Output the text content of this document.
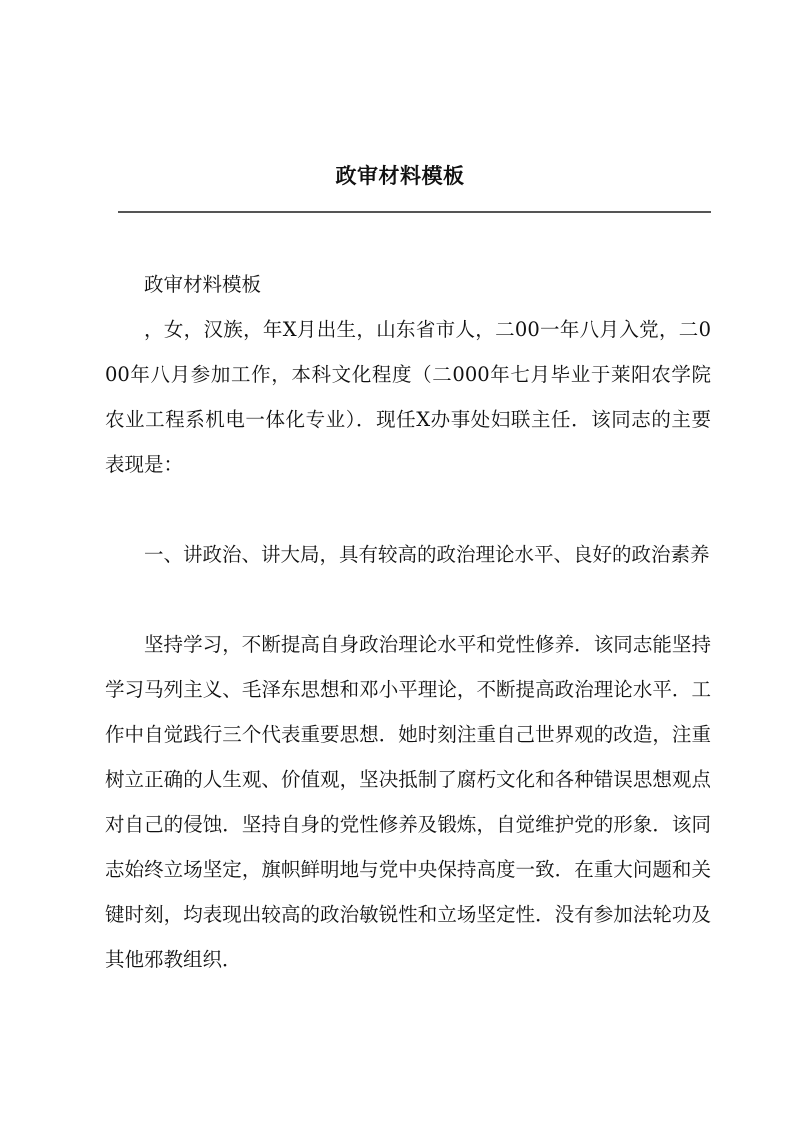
政审材料模板

政审材料模板

，女，汉族，年X月出生，山东省市人，二00一年八月入党，二000年八月参加工作，本科文化程度（二000年七月毕业于莱阳农学院农业工程系机电一体化专业）．现任X办事处妇联主任．该同志的主要表现是：

一、讲政治、讲大局，具有较高的政治理论水平、良好的政治素养

坚持学习，不断提高自身政治理论水平和党性修养．该同志能坚持学习马列主义、毛泽东思想和邓小平理论，不断提高政治理论水平．工作中自觉践行三个代表重要思想．她时刻注重自己世界观的改造，注重树立正确的人生观、价值观，坚决抵制了腐朽文化和各种错误思想观点对自己的侵蚀．坚持自身的党性修养及锻炼，自觉维护党的形象．该同志始终立场坚定，旗帜鲜明地与党中央保持高度一致．在重大问题和关键时刻，均表现出较高的政治敏锐性和立场坚定性．没有参加法轮功及其他邪教组织．
